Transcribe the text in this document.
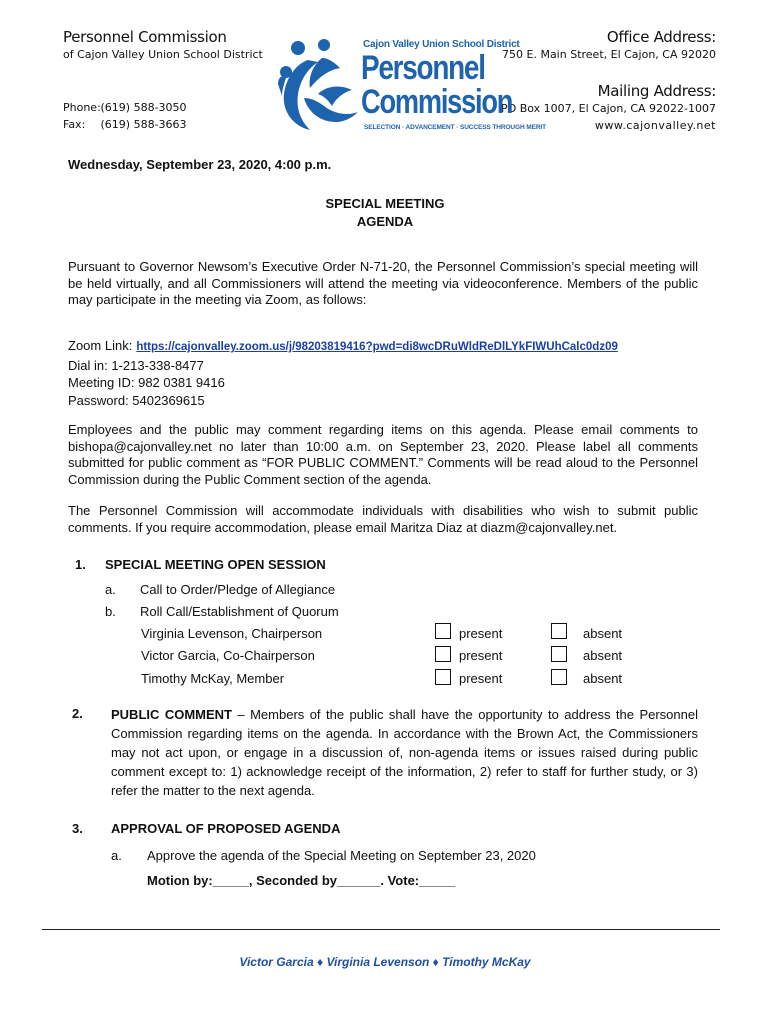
Personnel Commission
of Cajon Valley Union School District
Phone: (619) 588-3050
Fax: (619) 588-3663
Office Address:
750 E. Main Street, El Cajon, CA 92020
Mailing Address:
PO Box 1007, El Cajon, CA 92022-1007
www.cajonvalley.net
Cajon Valley Union School District
Personnel
Commission
SELECTION · ADVANCEMENT · SUCCESS THROUGH MERIT
Wednesday, September 23, 2020, 4:00 p.m.
SPECIAL MEETING
AGENDA
Pursuant to Governor Newsom’s Executive Order N-71-20, the Personnel Commission’s special meeting will be held virtually, and all Commissioners will attend the meeting via videoconference. Members of the public may participate in the meeting via Zoom, as follows:
Zoom Link: https://cajonvalley.zoom.us/j/98203819416?pwd=di8wcDRuWldReDlLYkFIWUhCalc0dz09
Dial in: 1-213-338-8477
Meeting ID: 982 0381 9416
Password: 5402369615
Employees and the public may comment regarding items on this agenda. Please email comments to bishopa@cajonvalley.net no later than 10:00 a.m. on September 23, 2020. Please label all comments submitted for public comment as “FOR PUBLIC COMMENT.” Comments will be read aloud to the Personnel Commission during the Public Comment section of the agenda.
The Personnel Commission will accommodate individuals with disabilities who wish to submit public comments. If you require accommodation, please email Maritza Diaz at diazm@cajonvalley.net.
1. SPECIAL MEETING OPEN SESSION
a. Call to Order/Pledge of Allegiance
b. Roll Call/Establishment of Quorum
Virginia Levenson, Chairperson	present	absent
Victor Garcia, Co-Chairperson	present	absent
Timothy McKay, Member	present	absent
2. PUBLIC COMMENT – Members of the public shall have the opportunity to address the Personnel Commission regarding items on the agenda. In accordance with the Brown Act, the Commissioners may not act upon, or engage in a discussion of, non-agenda items or issues raised during public comment except to: 1) acknowledge receipt of the information, 2) refer to staff for further study, or 3) refer the matter to the next agenda.
3. APPROVAL OF PROPOSED AGENDA
a. Approve the agenda of the Special Meeting on September 23, 2020
Motion by:_____, Seconded by______. Vote:_____
Victor Garcia ♦ Virginia Levenson ♦ Timothy McKay
